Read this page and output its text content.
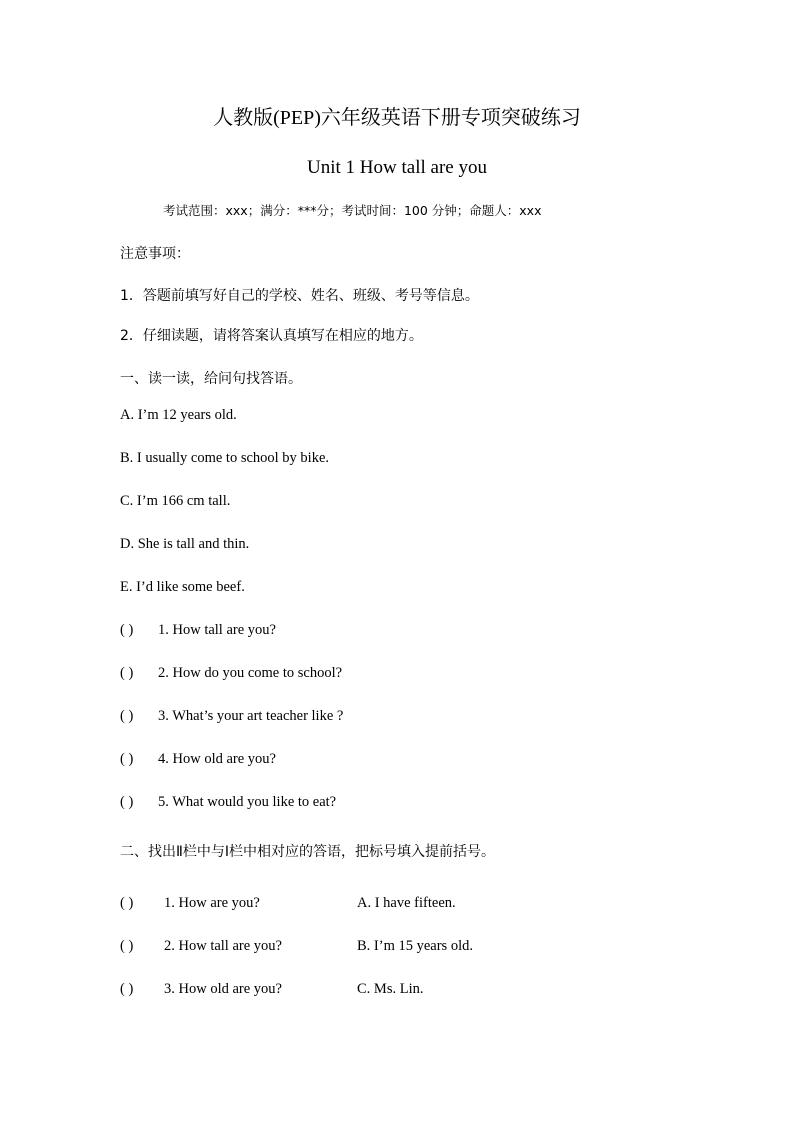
人教版(PEP)六年级英语下册专项突破练习
Unit 1 How tall are you
考试范围：xxx；满分：***分；考试时间：100 分钟；命题人：xxx
注意事项：
1．答题前填写好自己的学校、姓名、班级、考号等信息。
2．仔细读题，请将答案认真填写在相应的地方。
一、读一读，给问句找答语。
A. I’m 12 years old.
B. I usually come to school by bike.
C. I’m 166 cm tall.
D. She is tall and thin.
E. I’d like some beef.
( ) 1. How tall are you?
( ) 2. How do you come to school?
( ) 3. What’s your art teacher like ?
( ) 4. How old are you?
( ) 5. What would you like to eat?
二、找出Ⅱ栏中与Ⅰ栏中相对应的答语，把标号填入提前括号。
( ) 1. How are you?	A. I have fifteen.
( ) 2. How tall are you?	B. I’m 15 years old.
( ) 3. How old are you?	C. Ms. Lin.
